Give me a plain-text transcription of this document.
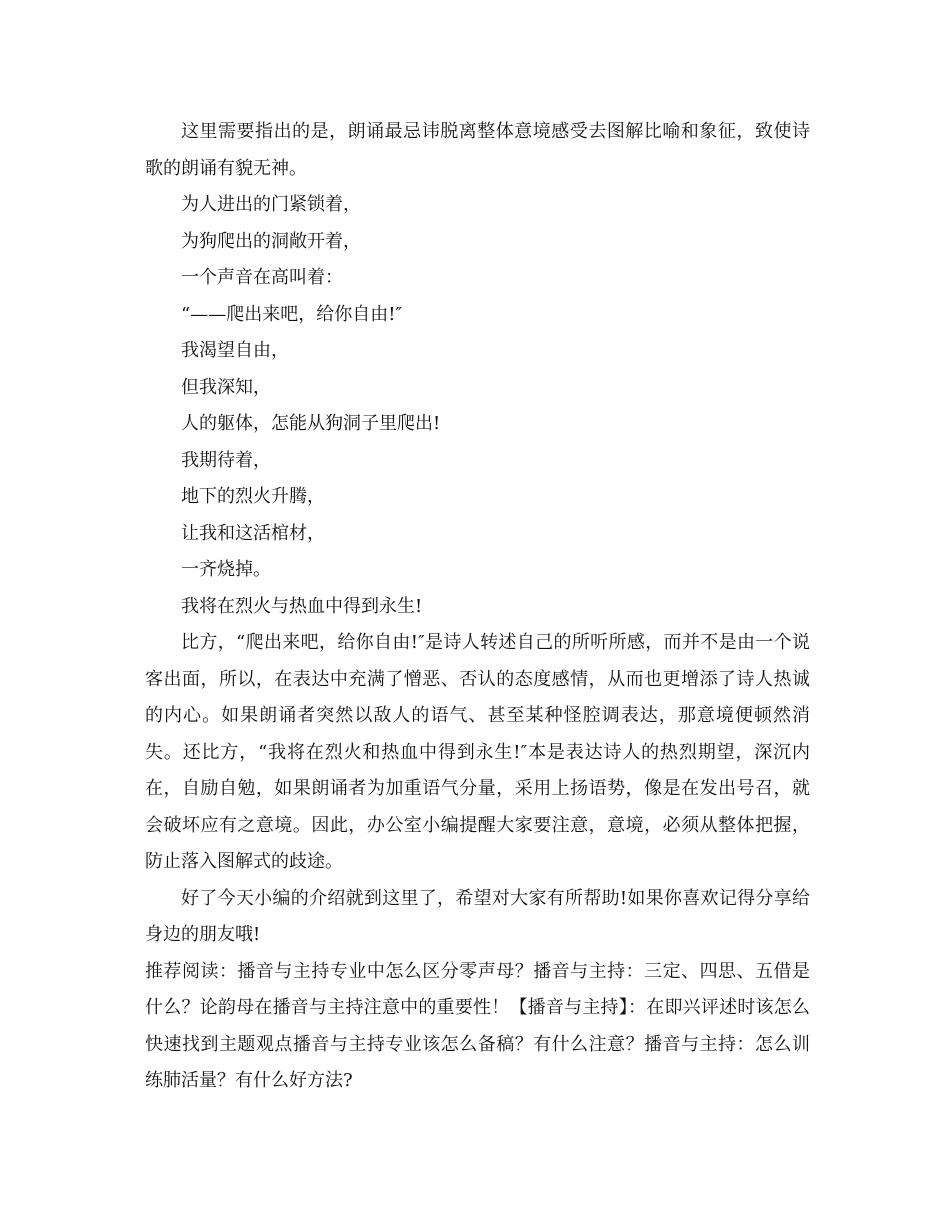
这里需要指出的是，朗诵最忌讳脱离整体意境感受去图解比喻和象征，致使诗歌的朗诵有貌无神。

为人进出的门紧锁着，

为狗爬出的洞敞开着，

一个声音在高叫着：

“——爬出来吧，给你自由!″

我渴望自由，

但我深知，

人的躯体，怎能从狗洞子里爬出!

我期待着，

地下的烈火升腾，

让我和这活棺材，

一齐烧掉。

我将在烈火与热血中得到永生!

比方，“爬出来吧，给你自由!″是诗人转述自己的所听所感，而并不是由一个说客出面，所以，在表达中充满了憎恶、否认的态度感情，从而也更增添了诗人热诚的内心。如果朗诵者突然以敌人的语气、甚至某种怪腔调表达，那意境便顿然消失。还比方，“我将在烈火和热血中得到永生!″本是表达诗人的热烈期望，深沉内在，自励自勉，如果朗诵者为加重语气分量，采用上扬语势，像是在发出号召，就会破坏应有之意境。因此，办公室小编提醒大家要注意，意境，必须从整体把握，防止落入图解式的歧途。

好了今天小编的介绍就到这里了，希望对大家有所帮助!如果你喜欢记得分享给身边的朋友哦!

推荐阅读：播音与主持专业中怎么区分零声母？播音与主持：三定、四思、五借是什么？论韵母在播音与主持注意中的重要性！【播音与主持】：在即兴评述时该怎么快速找到主题观点播音与主持专业该怎么备稿？有什么注意？播音与主持：怎么训练肺活量？有什么好方法?
